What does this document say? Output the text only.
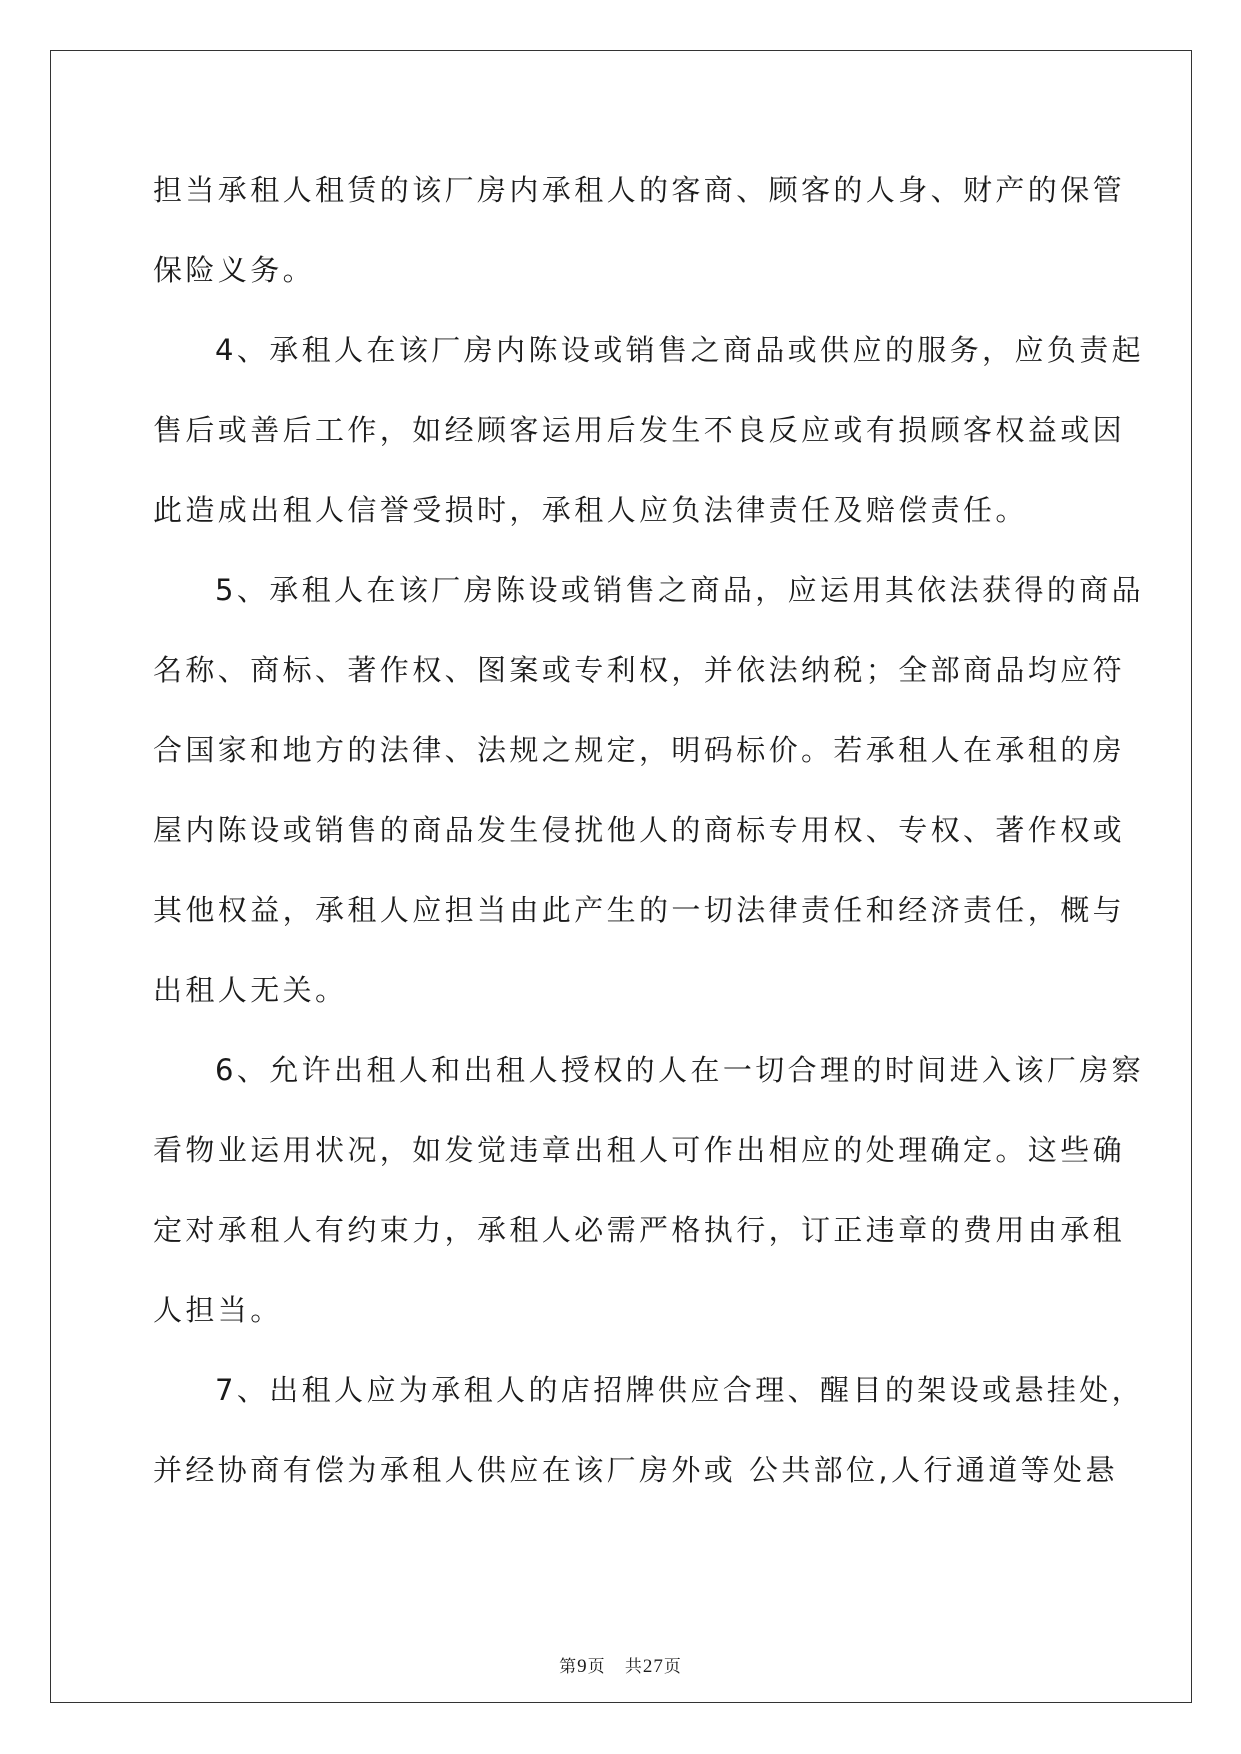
担当承租人租赁的该厂房内承租人的客商、顾客的人身、财产的保管
保险义务。
4、承租人在该厂房内陈设或销售之商品或供应的服务，应负责起
售后或善后工作，如经顾客运用后发生不良反应或有损顾客权益或因
此造成出租人信誉受损时，承租人应负法律责任及赔偿责任。
5、承租人在该厂房陈设或销售之商品，应运用其依法获得的商品
名称、商标、著作权、图案或专利权，并依法纳税；全部商品均应符
合国家和地方的法律、法规之规定，明码标价。若承租人在承租的房
屋内陈设或销售的商品发生侵扰他人的商标专用权、专权、著作权或
其他权益，承租人应担当由此产生的一切法律责任和经济责任，概与
出租人无关。
6、允许出租人和出租人授权的人在一切合理的时间进入该厂房察
看物业运用状况，如发觉违章出租人可作出相应的处理确定。这些确
定对承租人有约束力，承租人必需严格执行，订正违章的费用由承租
人担当。
7、出租人应为承租人的店招牌供应合理、醒目的架设或悬挂处，
并经协商有偿为承租人供应在该厂房外或 公共部位,人行通道等处悬
第9页 共27页
